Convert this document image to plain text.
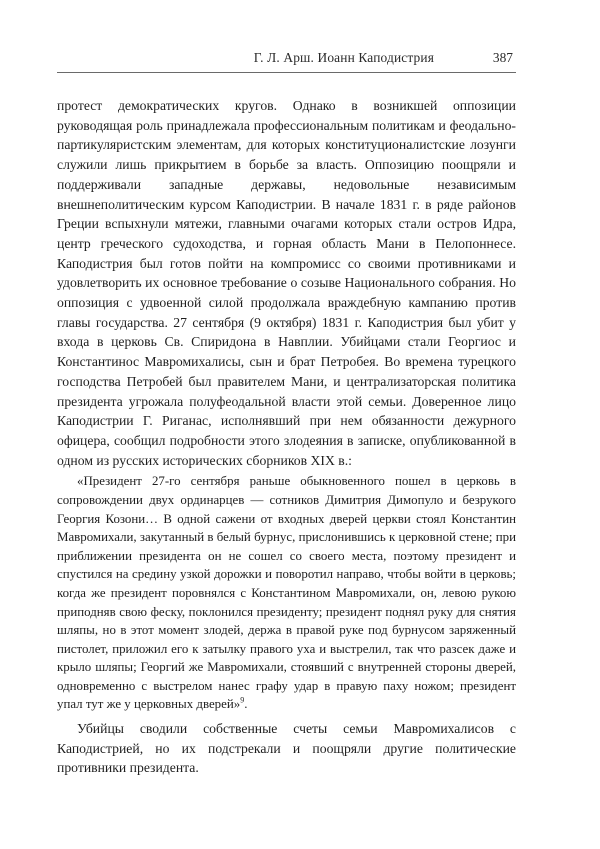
Г. Л. Арш. Иоанн Каподистрия	387

протест демократических кругов. Однако в возникшей оппозиции руководящая роль принадлежала профессиональным политикам и феодально-партикуляристским элементам, для которых конституционалистские лозунги служили лишь прикрытием в борьбе за власть. Оппозицию поощряли и поддерживали западные державы, недовольные независимым внешнеполитическим курсом Каподистрии. В начале 1831 г. в ряде районов Греции вспыхнули мятежи, главными очагами которых стали остров Идра, центр греческого судоходства, и горная область Мани в Пелопоннесе. Каподистрия был готов пойти на компромисс со своими противниками и удовлетворить их основное требование о созыве Национального собрания. Но оппозиция с удвоенной силой продолжала враждебную кампанию против главы государства. 27 сентября (9 октября) 1831 г. Каподистрия был убит у входа в церковь Св. Спиридона в Навплии. Убийцами стали Георгиос и Константинос Мавромихалисы, сын и брат Петробея. Во времена турецкого господства Петробей был правителем Мани, и централизаторская политика президента угрожала полуфеодальной власти этой семьи. Доверенное лицо Каподистрии Г. Риганас, исполнявший при нем обязанности дежурного офицера, сообщил подробности этого злодеяния в записке, опубликованной в одном из русских исторических сборников XIX в.:

«Президент 27-го сентября раньше обыкновенного пошел в церковь в сопровождении двух ординарцев — сотников Димитрия Димопуло и безрукого Георгия Козони… В одной сажени от входных дверей церкви стоял Константин Мавромихали, закутанный в белый бурнус, прислонившись к церковной стене; при приближении президента он не сошел со своего места, поэтому президент и спустился на средину узкой дорожки и поворотил направо, чтобы войти в церковь; когда же президент поровнялся с Константином Мавромихали, он, левою рукою приподняв свою феску, поклонился президенту; президент поднял руку для снятия шляпы, но в этот момент злодей, держа в правой руке под бурнусом заряженный пистолет, приложил его к затылку правого уха и выстрелил, так что разсек даже и крыло шляпы; Георгий же Мавромихали, стоявший с внутренней стороны дверей, одновременно с выстрелом нанес графу удар в правую паху ножом; президент упал тут же у церковных дверей»$^9$.

Убийцы сводили собственные счеты семьи Мавромихалисов с Каподистрией, но их подстрекали и поощряли другие политические противники президента.
